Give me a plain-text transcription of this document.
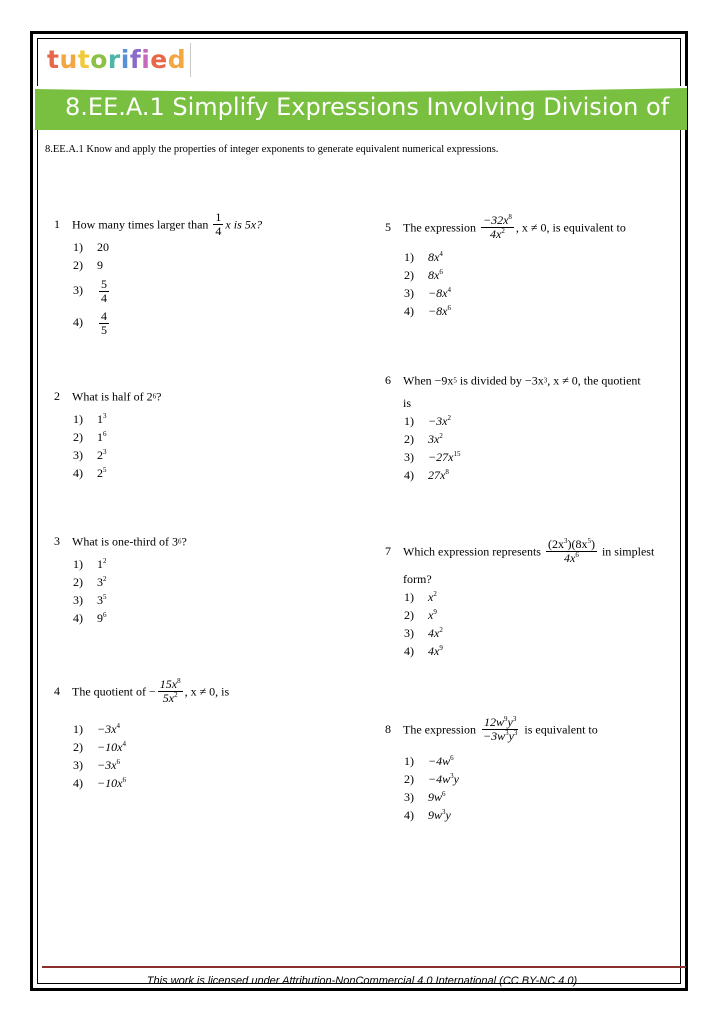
tutorified
8.EE.A.1 Simplify Expressions Involving Division of
8.EE.A.1 Know and apply the properties of integer exponents to generate equivalent numerical expressions.
1 How many times larger than $\frac{1}{4}$ x is 5x?
1) 20
2) 9
$3) \frac{5}{4}$
$4) \frac{4}{5}$
2 What is half of 26?
1) $1^3$
2) $1^6$
3) $2^3$
4) $2^5$
3 What is one-third of 36?
1) $1^2$
2) $3^2$
3) $3^5$
4) $9^6$
4 The quotient of − $\frac{15x^8}{5x^2}$ , x ≠ 0, is
$1) -3x^4$
$2) -10x^4$
$3) -3x^6$
$4) -10x^6$
5 The expression $\frac{-32x^8}{4x^2}$ , x ≠ 0, is equivalent to
1) $8x^4$
2) $8x^6$
$3) -8x^4$
$4) -8x^6$
6 When −9x5 is divided by −3x3, x ≠ 0, the quotient
is
$1) -3x^2$
2) $3x^2$
$3) -27x^{15}$
4) $27x^8$
7 Which expression represents $\frac{(2x^3)(8x^5)}{4x^6}$ in simplest
form?
1) $x^2$
2) $x^9$
3) $4x^2$
4) $4x^9$
8 The expression $\frac{12w^9y^3}{-3w^3y^3}$ is equivalent to
$1) -4w^6$
$2) -4w^3y$
3) $9w^6$
4) $9w^3y$
This work is licensed under Attribution-NonCommercial 4.0 International (CC BY-NC 4.0)
